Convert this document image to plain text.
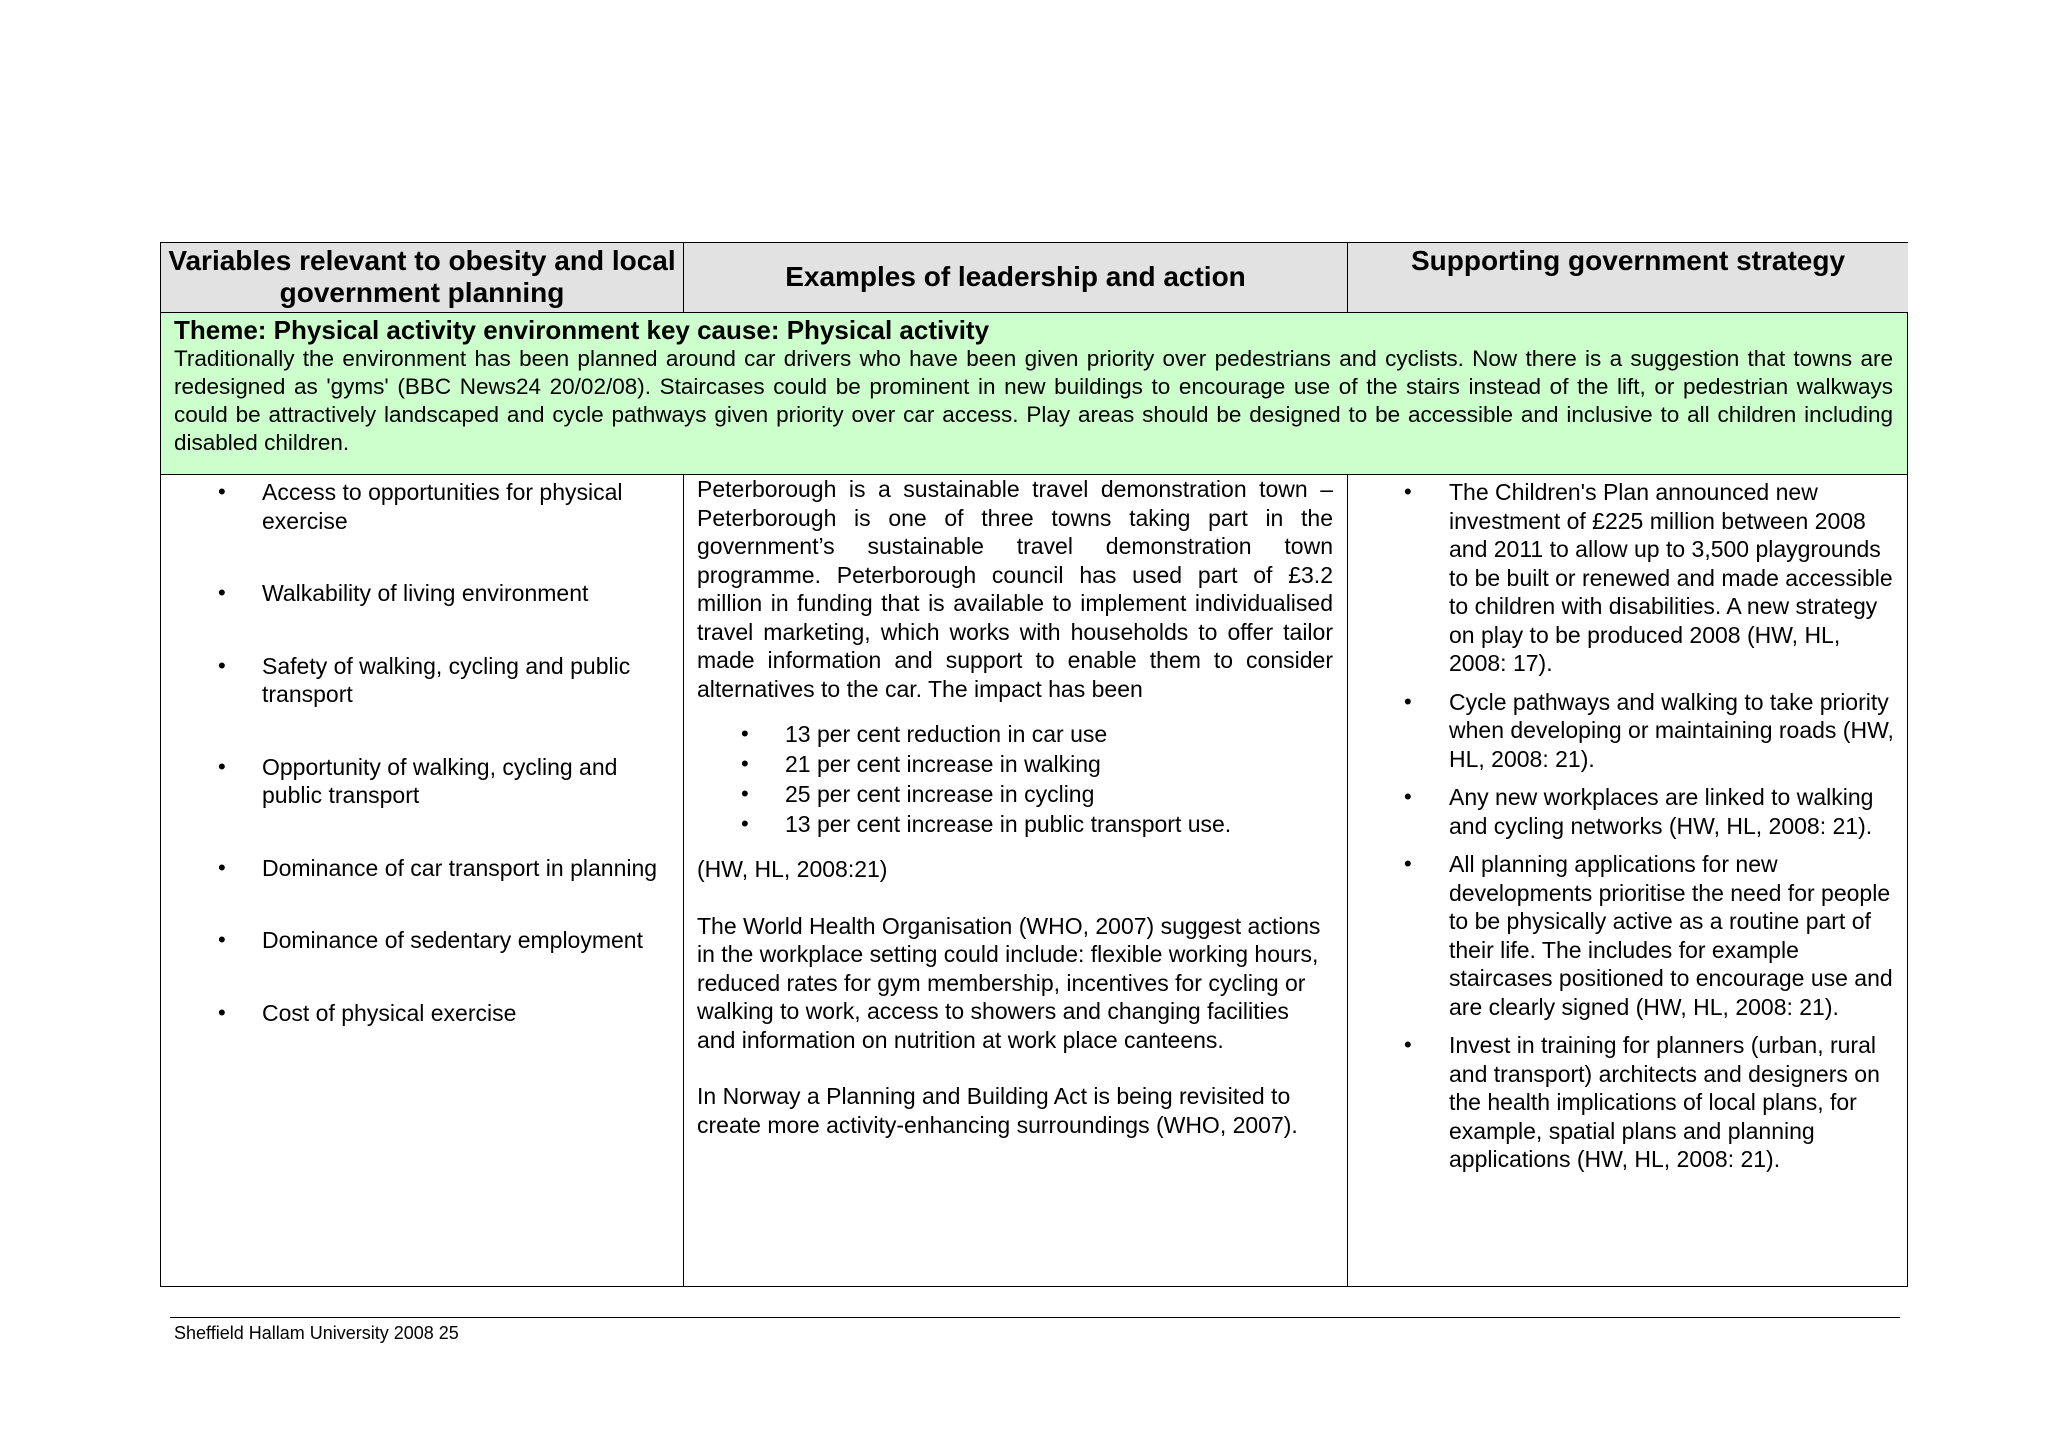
Variables relevant to obesity and local government planning
Examples of leadership and action
Supporting government strategy
Theme: Physical activity environment key cause: Physical activity
Traditionally the environment has been planned around car drivers who have been given priority over pedestrians and cyclists. Now there is a suggestion that towns are redesigned as 'gyms' (BBC News24 20/02/08). Staircases could be prominent in new buildings to encourage use of the stairs instead of the lift, or pedestrian walkways could be attractively landscaped and cycle pathways given priority over car access. Play areas should be designed to be accessible and inclusive to all children including disabled children.
• Access to opportunities for physical exercise
• Walkability of living environment
• Safety of walking, cycling and public transport
• Opportunity of walking, cycling and public transport
• Dominance of car transport in planning
• Dominance of sedentary employment
• Cost of physical exercise

Peterborough is a sustainable travel demonstration town – Peterborough is one of three towns taking part in the government’s sustainable travel demonstration town programme. Peterborough council has used part of £3.2 million in funding that is available to implement individualised travel marketing, which works with households to offer tailor made information and support to enable them to consider alternatives to the car. The impact has been

• 13 per cent reduction in car use
• 21 per cent increase in walking
• 25 per cent increase in cycling
• 13 per cent increase in public transport use.

(HW, HL, 2008:21)

The World Health Organisation (WHO, 2007) suggest actions in the workplace setting could include: flexible working hours, reduced rates for gym membership, incentives for cycling or walking to work, access to showers and changing facilities and information on nutrition at work place canteens.

In Norway a Planning and Building Act is being revisited to create more activity-enhancing surroundings (WHO, 2007).

• The Children's Plan announced new investment of £225 million between 2008 and 2011 to allow up to 3,500 playgrounds to be built or renewed and made accessible to children with disabilities. A new strategy on play to be produced 2008 (HW, HL, 2008: 17).
• Cycle pathways and walking to take priority when developing or maintaining roads (HW, HL, 2008: 21).
• Any new workplaces are linked to walking and cycling networks (HW, HL, 2008: 21).
• All planning applications for new developments prioritise the need for people to be physically active as a routine part of their life. The includes for example staircases positioned to encourage use and are clearly signed (HW, HL, 2008: 21).
• Invest in training for planners (urban, rural and transport) architects and designers on the health implications of local plans, for example, spatial plans and planning applications (HW, HL, 2008: 21).
Sheffield Hallam University 2008 25
